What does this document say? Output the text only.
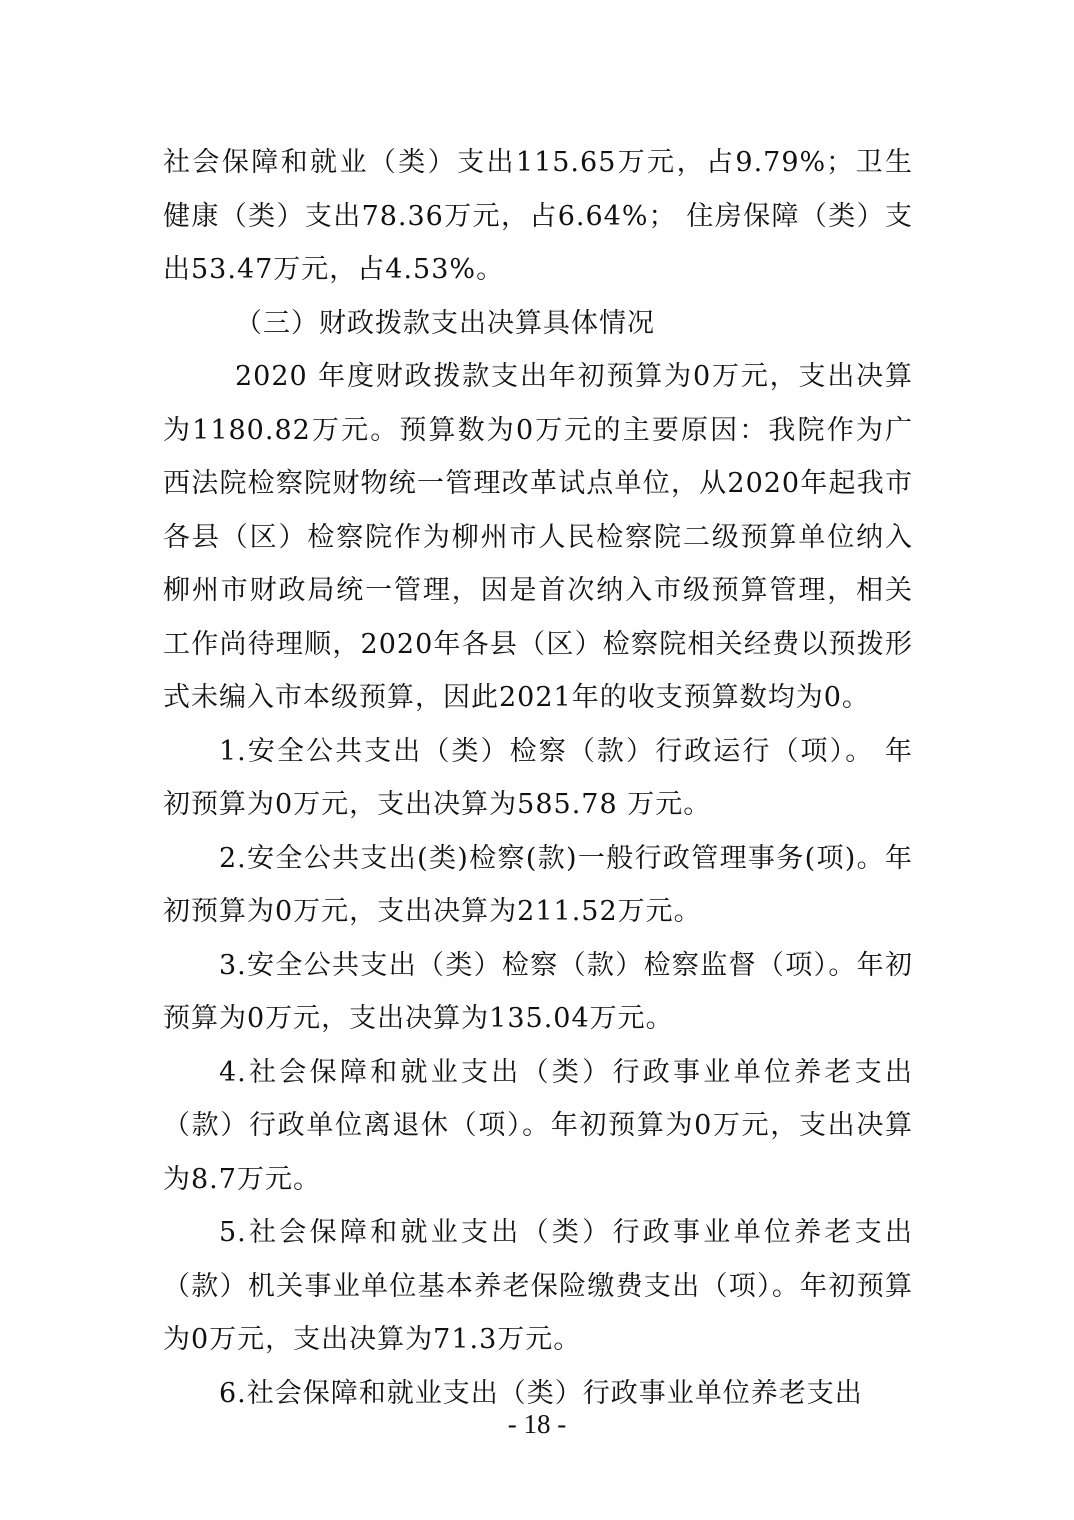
社会保障和就业（类）支出115.65万元，占9.79%；卫生健康（类）支出78.36万元，占6.64%； 住房保障（类）支出53.47万元，占4.53%。

（三）财政拨款支出决算具体情况

2020 年度财政拨款支出年初预算为0万元，支出决算为1180.82万元。预算数为0万元的主要原因：我院作为广西法院检察院财物统一管理改革试点单位，从2020年起我市各县（区）检察院作为柳州市人民检察院二级预算单位纳入柳州市财政局统一管理，因是首次纳入市级预算管理，相关工作尚待理顺，2020年各县（区）检察院相关经费以预拨形式未编入市本级预算，因此2021年的收支预算数均为0。

1.安全公共支出（类）检察（款）行政运行（项）。 年初预算为0万元，支出决算为585.78 万元。

2.安全公共支出(类)检察(款)一般行政管理事务(项)。年初预算为0万元，支出决算为211.52万元。

3.安全公共支出（类）检察（款）检察监督（项）。年初预算为0万元，支出决算为135.04万元。

4.社会保障和就业支出（类）行政事业单位养老支出（款）行政单位离退休（项）。年初预算为0万元，支出决算为8.7万元。

5.社会保障和就业支出（类）行政事业单位养老支出（款）机关事业单位基本养老保险缴费支出（项）。年初预算为0万元，支出决算为71.3万元。

6.社会保障和就业支出（类）行政事业单位养老支出

- 18 -
